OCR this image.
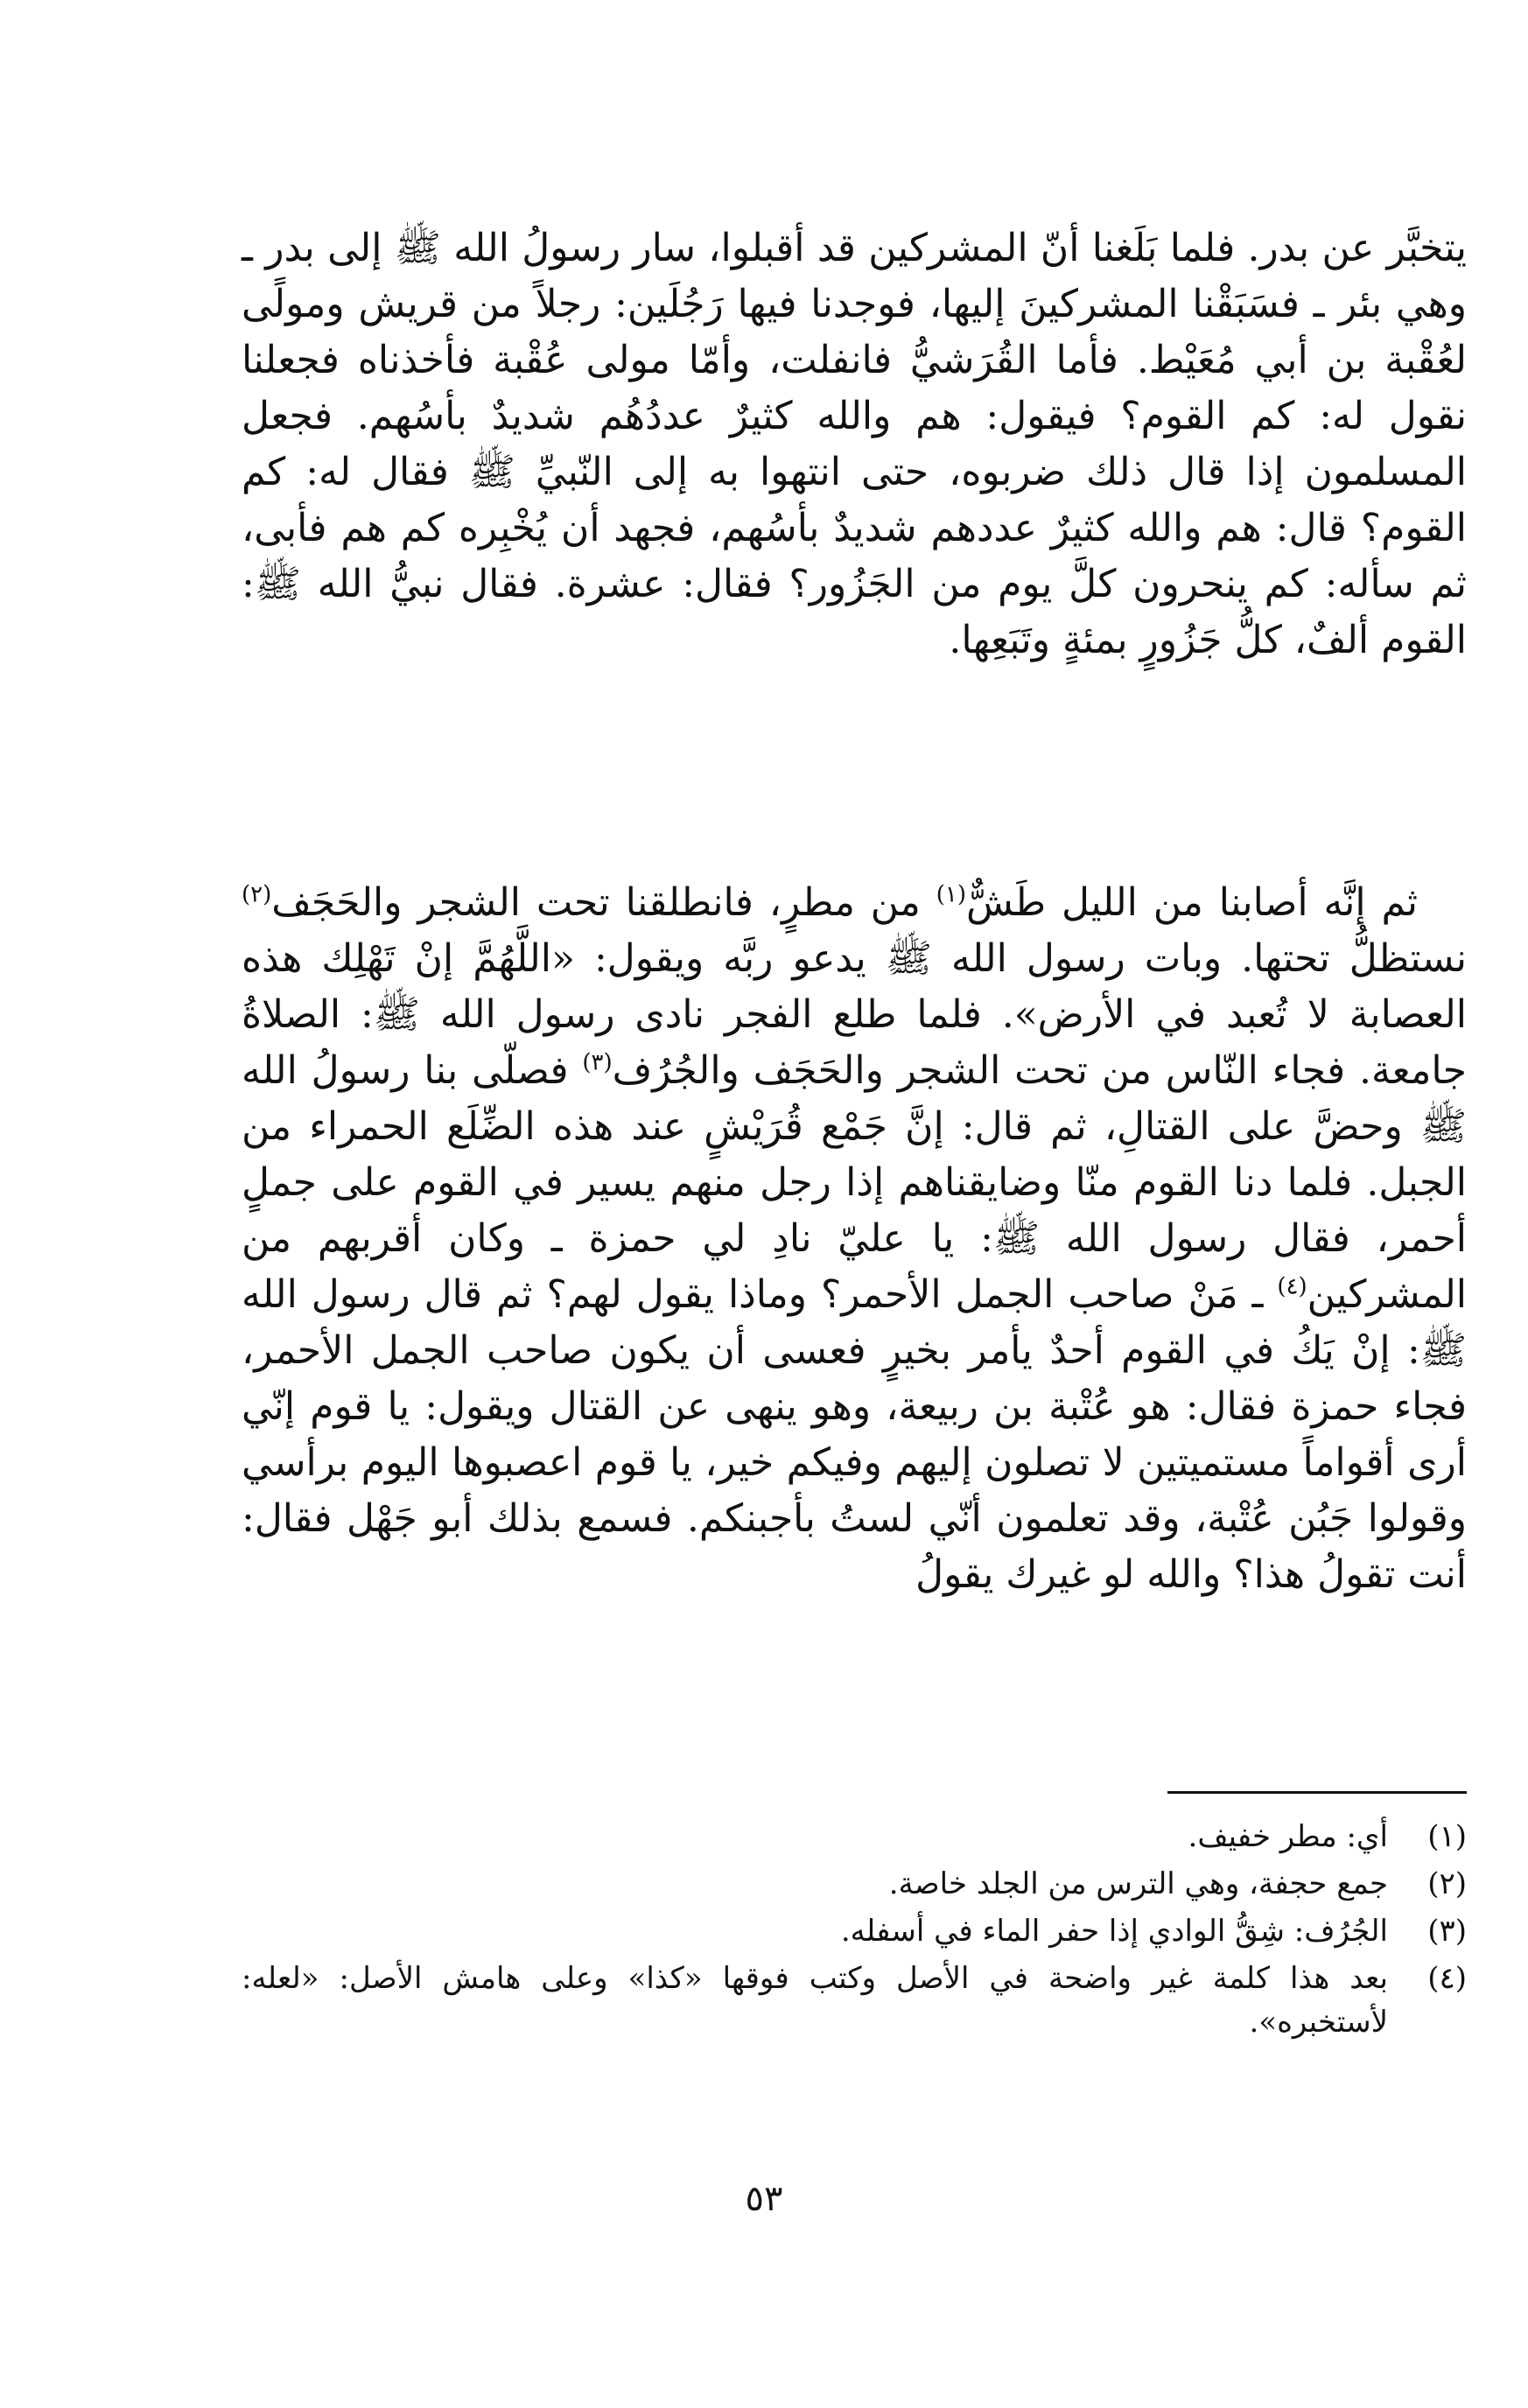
يتخبَّر عن بدر. فلما بَلَغنا أنّ المشركين قد أقبلوا، سار رسولُ الله ﷺ إلى بدر ـ وهي بئر ـ فسَبَقْنا المشركينَ إليها، فوجدنا فيها رَجُلَين: رجلاً من قريش ومولًى لعُقْبة بن أبي مُعَيْط. فأما القُرَشيُّ فانفلت، وأمّا مولى عُقْبة فأخذناه فجعلنا نقول له: كم القوم؟ فيقول: هم والله كثيرٌ عددُهُم شديدٌ بأسُهم. فجعل المسلمون إذا قال ذلك ضربوه، حتى انتهوا به إلى النّبيِّ ﷺ فقال له: كم القوم؟ قال: هم والله كثيرٌ عددهم شديدٌ بأسُهم، فجهد أن يُخْبِره كم هم فأبى، ثم سأله: كم ينحرون كلَّ يوم من الجَزُور؟ فقال: عشرة. فقال نبيُّ الله ﷺ: القوم ألفٌ، كلُّ جَزُورٍ بمئةٍ وتَبَعِها.

ثم إنَّه أصابنا من الليل طَشٌّ$^{(١)}$ من مطرٍ، فانطلقنا تحت الشجر والحَجَف$^{(٢)}$ نستظلُّ تحتها. وبات رسول الله ﷺ يدعو ربَّه ويقول: «اللَّهُمَّ إنْ تَهْلِك هذه العصابة لا تُعبد في الأرض». فلما طلع الفجر نادى رسول الله ﷺ: الصلاةُ جامعة. فجاء النّاس من تحت الشجر والحَجَف والجُرُف$^{(٣)}$ فصلّى بنا رسولُ الله ﷺ وحضَّ على القتالِ، ثم قال: إنَّ جَمْع قُرَيْشٍ عند هذه الضِّلَع الحمراء من الجبل. فلما دنا القوم منّا وضايقناهم إذا رجل منهم يسير في القوم على جملٍ أحمر، فقال رسول الله ﷺ: يا عليّ نادِ لي حمزة ـ وكان أقربهم من المشركين$^{(٤)}$ ـ مَنْ صاحب الجمل الأحمر؟ وماذا يقول لهم؟ ثم قال رسول الله ﷺ: إنْ يَكُ في القوم أحدٌ يأمر بخيرٍ فعسى أن يكون صاحب الجمل الأحمر، فجاء حمزة فقال: هو عُتْبة بن ربيعة، وهو ينهى عن القتال ويقول: يا قوم إنّي أرى أقواماً مستميتين لا تصلون إليهم وفيكم خير، يا قوم اعصبوها اليوم برأسي وقولوا جَبُن عُتْبة، وقد تعلمون أنّي لستُ بأجبنكم. فسمع بذلك أبو جَهْل فقال: أنت تقولُ هذا؟ والله لو غيرك يقولُ

(١)
أي: مطر خفيف.
(٢)
جمع حجفة، وهي الترس من الجلد خاصة.
(٣)
الجُرُف: شِقُّ الوادي إذا حفر الماء في أسفله.
(٤)
بعد هذا كلمة غير واضحة في الأصل وكتب فوقها «كذا» وعلى هامش الأصل: «لعله: لأستخبره».
٥٣
